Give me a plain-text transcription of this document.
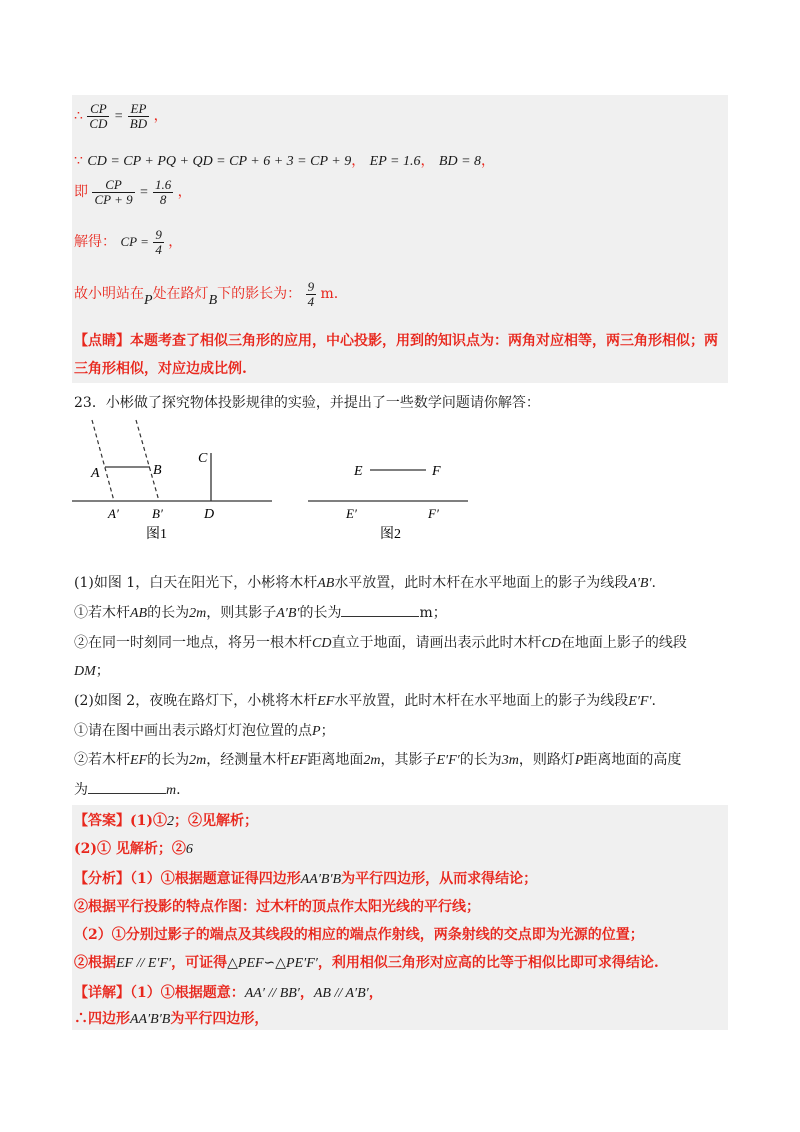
∴ $\frac{CP}{CD} = \frac{EP}{BD}$ ，
∵ CD = CP + PQ + QD = CP + 6 + 3 = CP + 9， EP = 1.6， BD = 8，
即 $\frac{CP}{CP + 9} = \frac{1.6}{8}$ ，
解得： CP = $\frac{9}{4}$ ，
故小明站在P处在路灯B下的影长为： $\frac{9}{4} m$.
【点睛】本题考查了相似三角形的应用，中心投影，用到的知识点为：两角对应相等，两三角形相似；两
三角形相似，对应边成比例.
23．小彬做了探究物体投影规律的实验，并提出了一些数学问题请你解答：
A	B
C
A′	B′	D
图1
E	F
E′	F′
图2
(1)如图 1，白天在阳光下，小彬将木杆AB水平放置，此时木杆在水平地面上的影子为线段A′B′.
①若木杆AB的长为2m，则其影子A′B′的长为	m；
②在同一时刻同一地点，将另一根木杆CD直立于地面，请画出表示此时木杆CD在地面上影子的线段
DM；
(2)如图 2，夜晚在路灯下，小桃将木杆EF水平放置，此时木杆在水平地面上的影子为线段E′F′.
①请在图中画出表示路灯灯泡位置的点P；
②若木杆EF的长为2m，经测量木杆EF距离地面2m，其影子E′F′的长为3m，则路灯P距离地面的高度
为	m.
【答案】(1)①2；②见解析；
(2)① 见解析；②6
【分析】（1）①根据题意证得四边形AA′B′B为平行四边形，从而求得结论；
②根据平行投影的特点作图：过木杆的顶点作太阳光线的平行线；
（2）①分别过影子的端点及其线段的相应的端点作射线，两条射线的交点即为光源的位置；
②根据EF // E′F′，可证得△PEF∽△PE′F′，利用相似三角形对应高的比等于相似比即可求得结论.
【详解】（1）①根据题意：AA′ // BB′，AB // A′B′，
∴四边形AA′B′B为平行四边形，
